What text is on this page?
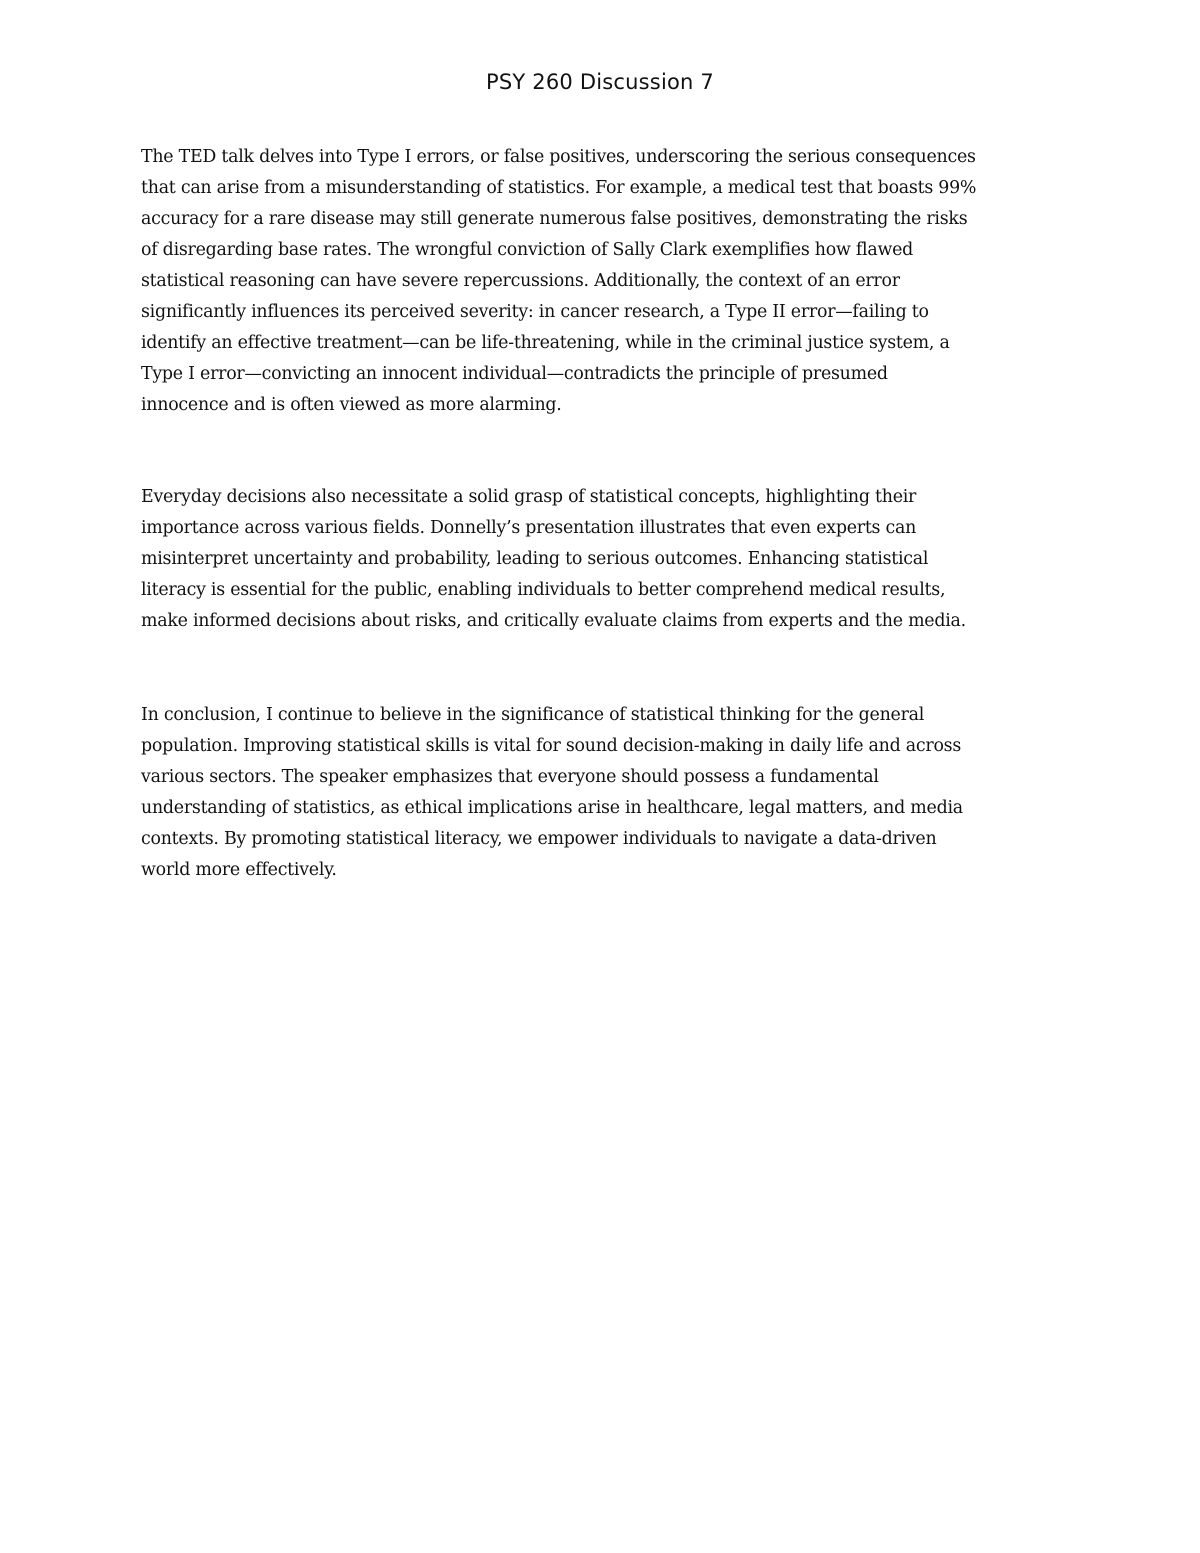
PSY 260 Discussion 7

The TED talk delves into Type I errors, or false positives, underscoring the serious consequences
that can arise from a misunderstanding of statistics. For example, a medical test that boasts 99%
accuracy for a rare disease may still generate numerous false positives, demonstrating the risks
of disregarding base rates. The wrongful conviction of Sally Clark exemplifies how flawed
statistical reasoning can have severe repercussions. Additionally, the context of an error
significantly influences its perceived severity: in cancer research, a Type II error—failing to
identify an effective treatment—can be life-threatening, while in the criminal justice system, a
Type I error—convicting an innocent individual—contradicts the principle of presumed
innocence and is often viewed as more alarming.

Everyday decisions also necessitate a solid grasp of statistical concepts, highlighting their
importance across various fields. Donnelly’s presentation illustrates that even experts can
misinterpret uncertainty and probability, leading to serious outcomes. Enhancing statistical
literacy is essential for the public, enabling individuals to better comprehend medical results,
make informed decisions about risks, and critically evaluate claims from experts and the media.

In conclusion, I continue to believe in the significance of statistical thinking for the general
population. Improving statistical skills is vital for sound decision-making in daily life and across
various sectors. The speaker emphasizes that everyone should possess a fundamental
understanding of statistics, as ethical implications arise in healthcare, legal matters, and media
contexts. By promoting statistical literacy, we empower individuals to navigate a data-driven
world more effectively.
